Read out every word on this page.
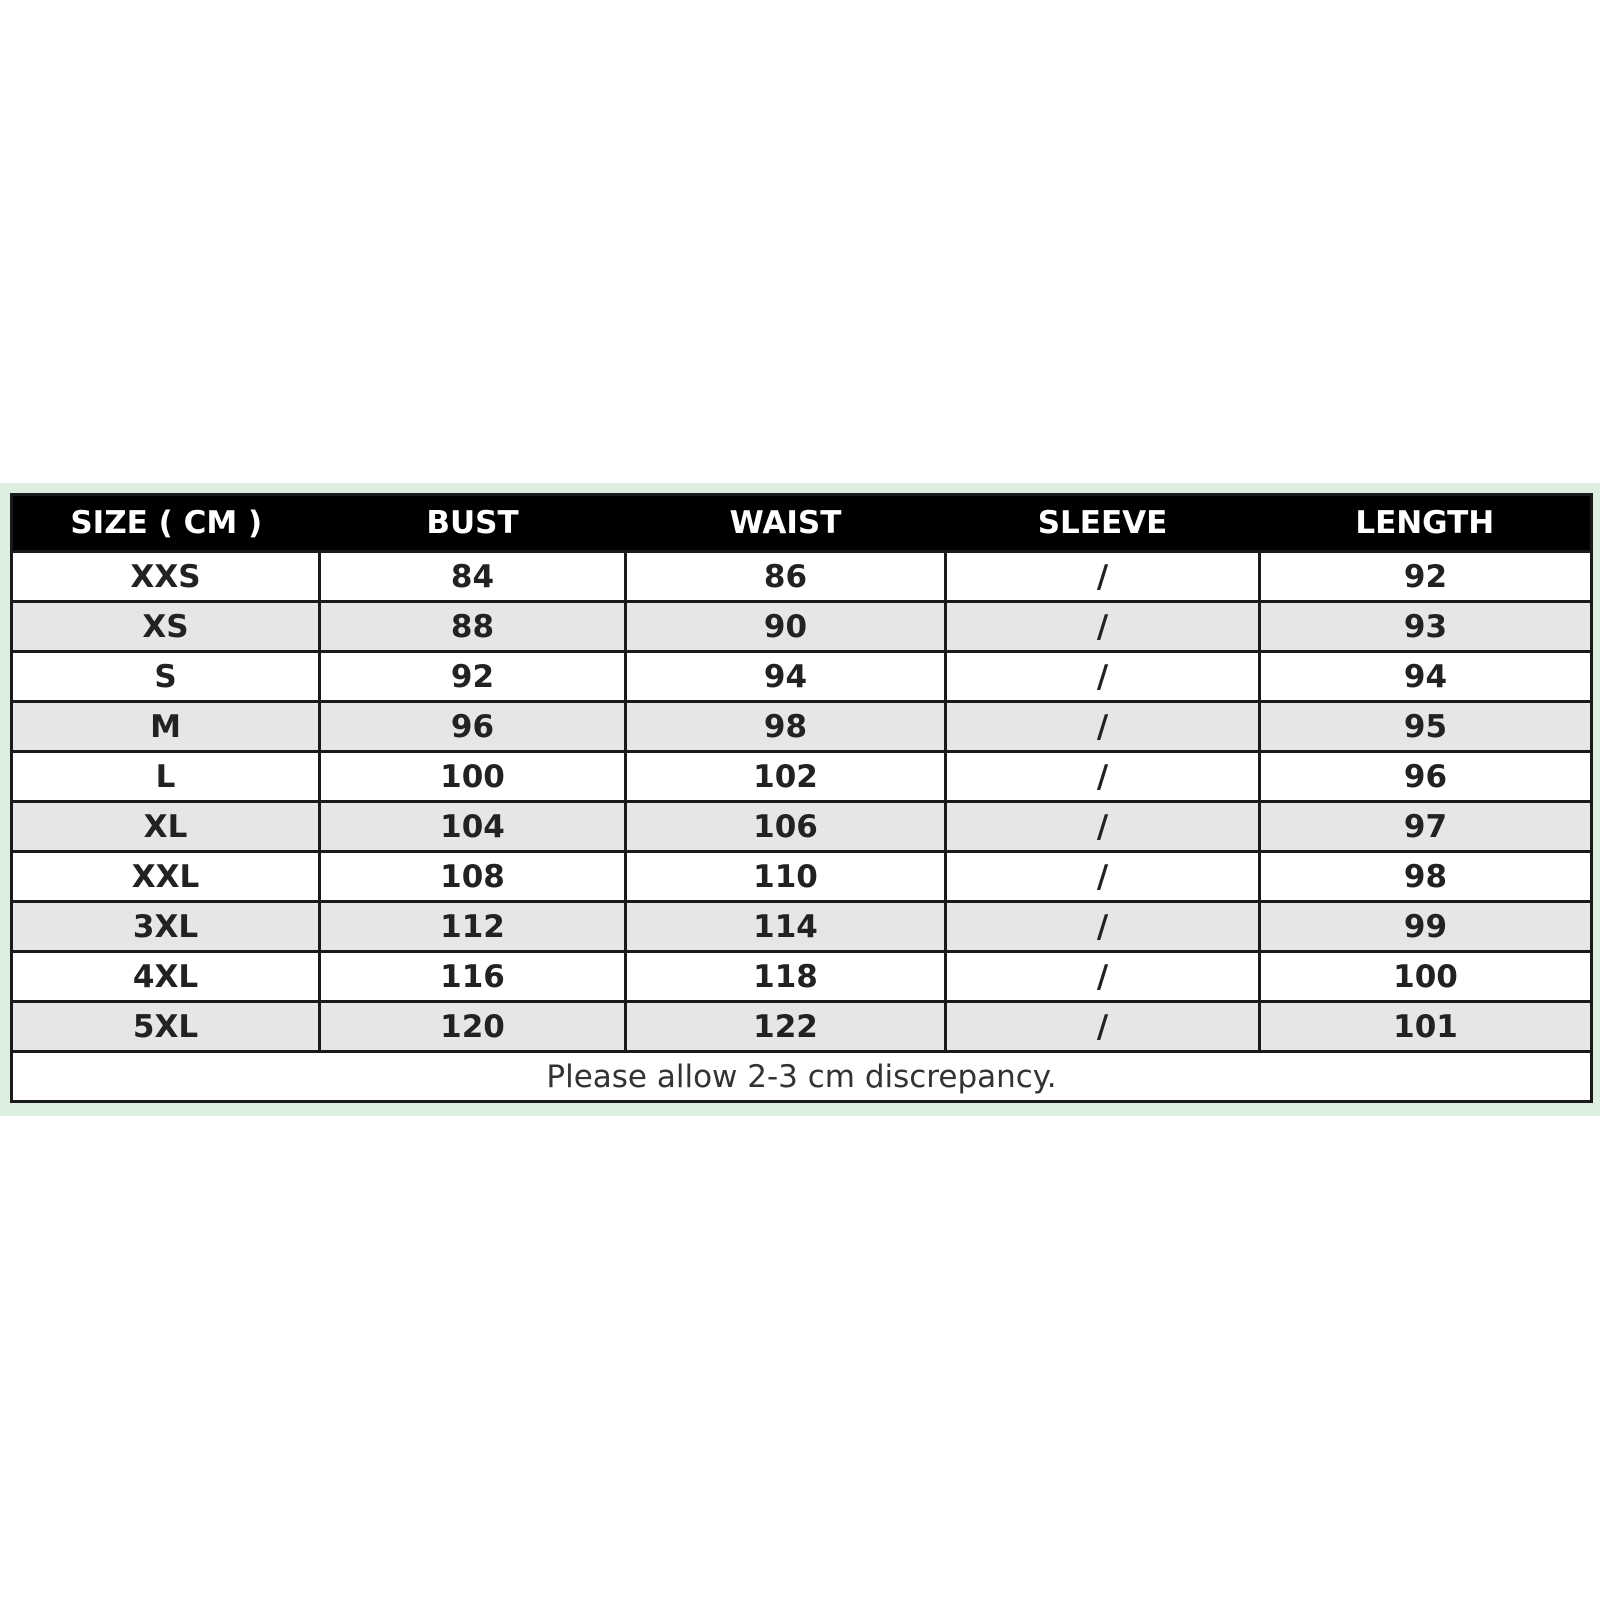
SIZE ( CM )	BUST	WAIST	SLEEVE	LENGTH
XXS	84	86	/	92
XS	88	90	/	93
S	92	94	/	94
M	96	98	/	95
L	100	102	/	96
XL	104	106	/	97
XXL	108	110	/	98
3XL	112	114	/	99
4XL	116	118	/	100
5XL	120	122	/	101
Please allow 2-3 cm discrepancy.				
